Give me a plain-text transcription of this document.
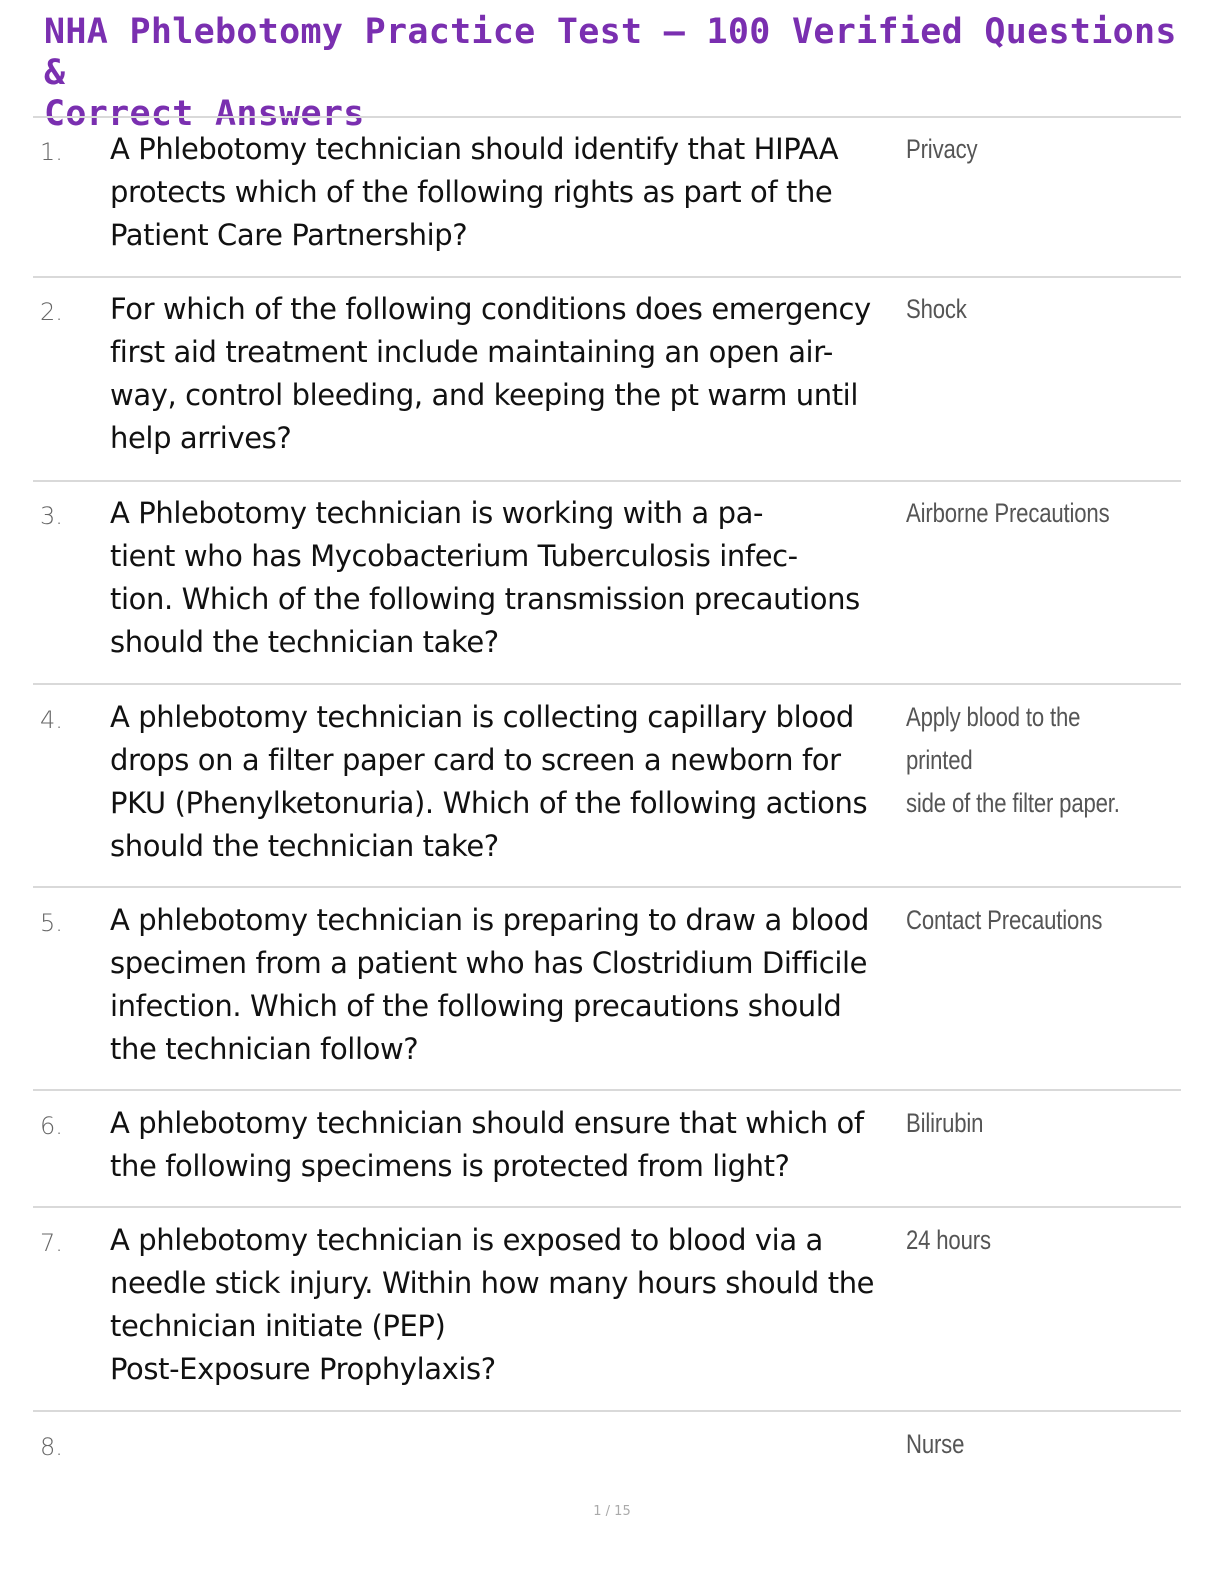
NHA Phlebotomy Practice Test – 100 Verified Questions &
Correct Answers
1. A Phlebotomy technician should identify that HIPAA
protects which of the following rights as part of the
Patient Care Partnership?
Privacy
2. For which of the following conditions does emergency
first aid treatment include maintaining an open air-
way, control bleeding, and keeping the pt warm until
help arrives?
Shock
3. A Phlebotomy technician is working with a pa-
tient who has Mycobacterium Tuberculosis infec-
tion. Which of the following transmission precautions
should the technician take?
Airborne Precautions
4. A phlebotomy technician is collecting capillary blood
drops on a filter paper card to screen a newborn for
PKU (Phenylketonuria). Which of the following actions
should the technician take?
Apply blood to the printed
side of the filter paper.
5. A phlebotomy technician is preparing to draw a blood
specimen from a patient who has Clostridium Difficile
infection. Which of the following precautions should
the technician follow?
Contact Precautions
6. A phlebotomy technician should ensure that which of
the following specimens is protected from light?
Bilirubin
7. A phlebotomy technician is exposed to blood via a
needle stick injury. Within how many hours should the
technician initiate (PEP)
Post-Exposure Prophylaxis?
24 hours
8.	Nurse
1 / 15
